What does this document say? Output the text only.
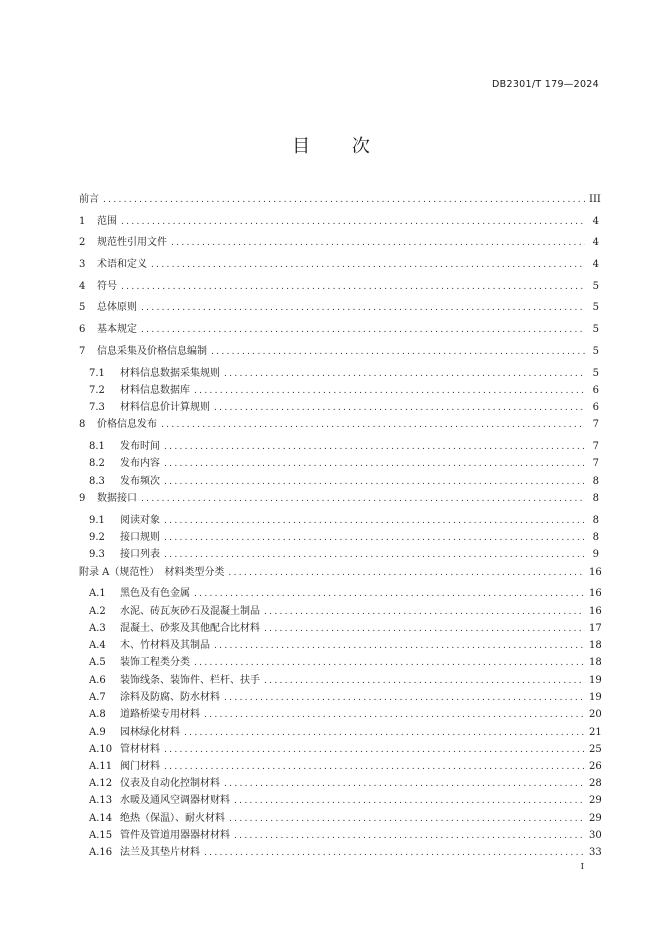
DB2301/T 179—2024
目 次
前言 .....	III
1	范围 .....	4
2	规范性引用文件 .....	4
3	术语和定义 .....	4
4	符号 .....	5
5	总体原则 .....	5
6	基本规定 .....	5
7	信息采集及价格信息编制 .....	5
7.1	材料信息数据采集规则 .....	5
7.2	材料信息数据库 .....	6
7.3	材料信息价计算规则 .....	6
8	价格信息发布 .....	7
8.1	发布时间 .....	7
8.2	发布内容 .....	7
8.3	发布频次 .....	8
9	数据接口 .....	8
9.1	阅读对象 .....	8
9.2	接口规则 .....	8
9.3	接口列表 .....	9
附录 A（规范性）　材料类型分类 .....	16
A.1	黑色及有色金属 .....	16
A.2	水泥、砖瓦灰砂石及混凝土制品 .....	16
A.3	混凝土、砂浆及其他配合比材料 .....	17
A.4	木、竹材料及其制品 .....	18
A.5	装饰工程类分类 .....	18
A.6	装饰线条、装饰件、栏杆、扶手 .....	19
A.7	涂料及防腐、防水材料 .....	19
A.8	道路桥梁专用材料 .....	20
A.9	园林绿化材料 .....	21
A.10 管材材料 .....	25
A.11 阀门材料 .....	26
A.12 仪表及自动化控制材料 .....	28
A.13 水暖及通风空调器材财料 .....	29
A.14 绝热（保温）、耐火材料 .....	29
A.15 管件及管道用器器材材料 .....	30
A.16 法兰及其垫片材料 .....	33
I
